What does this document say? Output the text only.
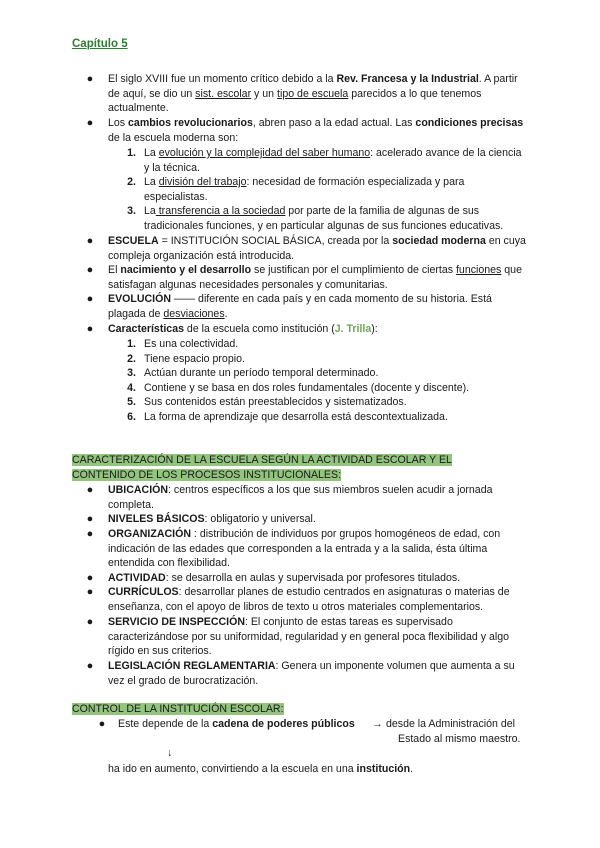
Capítulo 5
● El siglo XVIII fue un momento crítico debido a la Rev. Francesa y la Industrial. A partir de aquí, se dio un sist. escolar y un tipo de escuela parecidos a lo que tenemos actualmente.
● Los cambios revolucionarios, abren paso a la edad actual. Las condiciones precisas de la escuela moderna son:
1. La evolución y la complejidad del saber humano: acelerado avance de la ciencia y la técnica.
2. La división del trabajo: necesidad de formación especializada y para especialistas.
3. La transferencia a la sociedad por parte de la familia de algunas de sus tradicionales funciones, y en particular algunas de sus funciones educativas.
● ESCUELA = INSTITUCIÓN SOCIAL BÁSICA, creada por la sociedad moderna en cuya compleja organización está introducida.
● El nacimiento y el desarrollo se justifican por el cumplimiento de ciertas funciones que satisfagan algunas necesidades personales y comunitarias.
● EVOLUCIÓN —— diferente en cada país y en cada momento de su historia. Está plagada de desviaciones.
● Características de la escuela como institución (J. Trilla):
1. Es una colectividad.
2. Tiene espacio propio.
3. Actúan durante un período temporal determinado.
4. Contiene y se basa en dos roles fundamentales (docente y discente).
5. Sus contenidos están preestablecidos y sistematizados.
6. La forma de aprendizaje que desarrolla está descontextualizada.
CARACTERIZACIÓN DE LA ESCUELA SEGÚN LA ACTIVIDAD ESCOLAR Y EL
CONTENIDO DE LOS PROCESOS INSTITUCIONALES:
● UBICACIÓN: centros específicos a los que sus miembros suelen acudir a jornada completa.
● NIVELES BÁSICOS: obligatorio y universal.
● ORGANIZACIÓN : distribución de individuos por grupos homogéneos de edad, con indicación de las edades que corresponden a la entrada y a la salida, ésta última entendida con flexibilidad.
● ACTIVIDAD: se desarrolla en aulas y supervisada por profesores titulados.
● CURRÍCULOS: desarrollar planes de estudio centrados en asignaturas o materias de enseñanza, con el apoyo de libros de texto u otros materiales complementarios.
● SERVICIO DE INSPECCIÓN: El conjunto de estas tareas es supervisado caracterizándose por su uniformidad, regularidad y en general poca flexibilidad y algo rígido en sus criterios.
● LEGISLACIÓN REGLAMENTARIA: Genera un imponente volumen que aumenta a su vez el grado de burocratización.
CONTROL DE LA INSTITUCIÓN ESCOLAR:
● Este depende de la cadena de poderes públicos → desde la Administración del
Estado al mismo maestro.
↓
ha ido en aumento, convirtiendo a la escuela en una institución.
